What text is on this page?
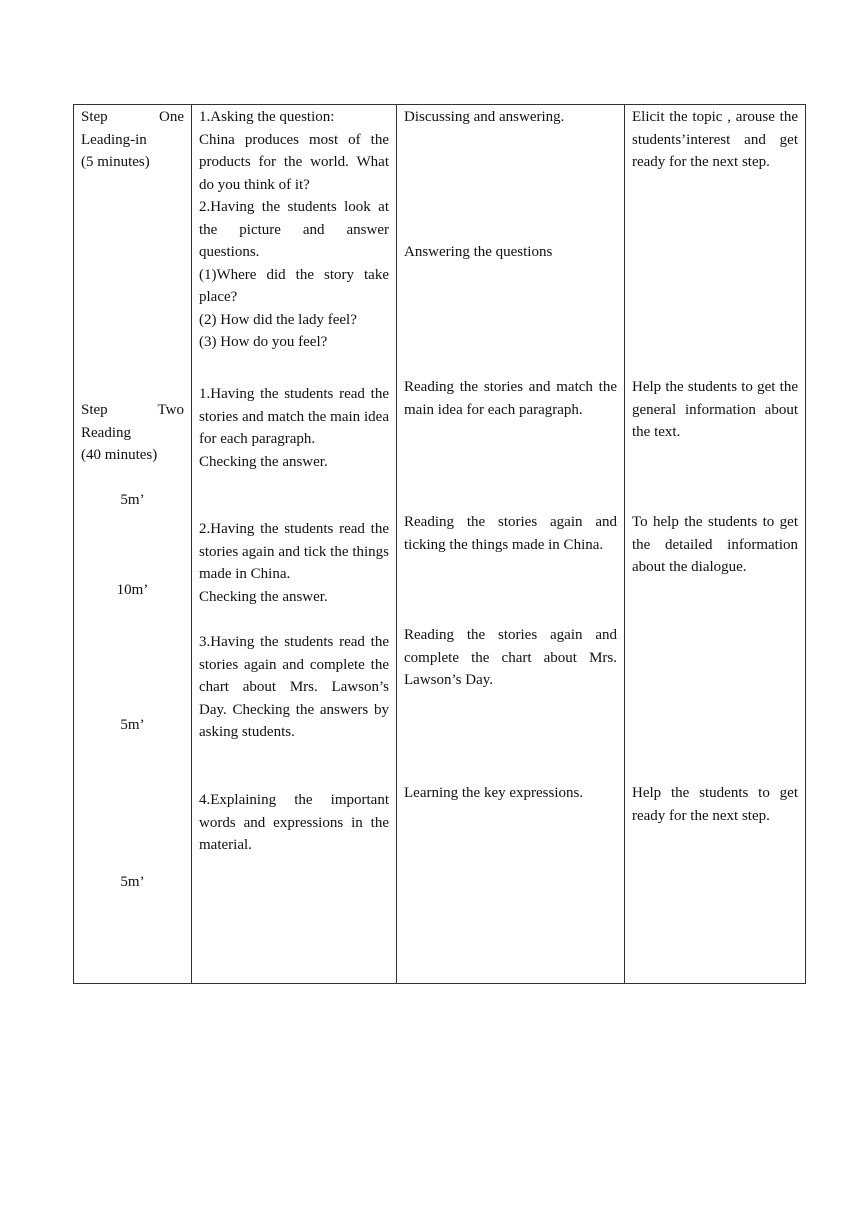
Step	One
Leading-in
(5 minutes)
Step	Two
Reading
(40 minutes)
5m’
10m’
5m’
5m’
1.Asking the question:
China produces most of the products for the world. What do you think of it?
2.Having the students look at the picture and answer questions.
(1)Where did the story take place?
(2) How did the lady feel?
(3) How do you feel?
1.Having the students read the stories and match the main idea for each paragraph.
Checking the answer.
2.Having the students read the stories again and tick the things made in China.
Checking the answer.
3.Having the students read the stories again and complete the chart about Mrs. Lawson’s Day. Checking the answers by asking students.
4.Explaining the important words and expressions in the material.
Discussing and answering.
Answering the questions
Reading the stories and match the main idea for each paragraph.
Reading the stories again and ticking the things made in China.
Reading the stories again and complete the chart about Mrs. Lawson’s Day.
Learning the key expressions.
Elicit the topic , arouse the students’interest and get ready for the next step.
Help the students to get the general information about the text.
To help the students to get the detailed information about the dialogue.
Help the students to get ready for the next step.
